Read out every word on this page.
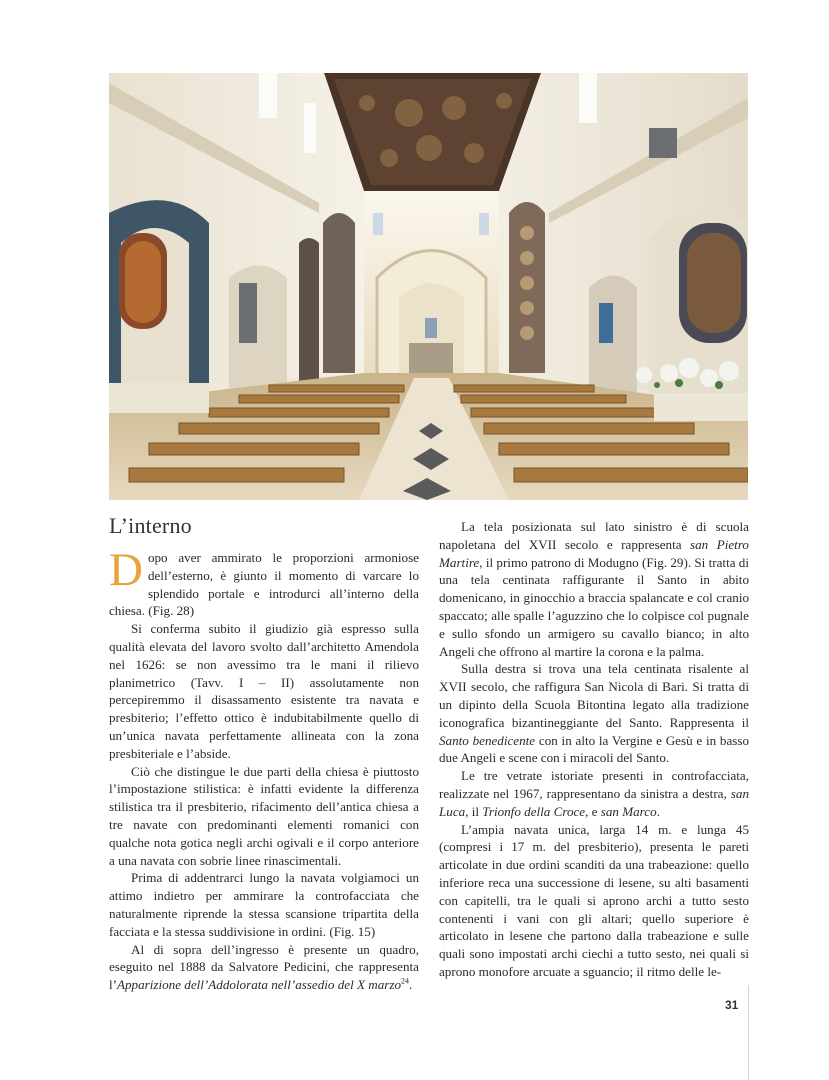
L’interno

Dopo aver ammirato le proporzioni armoniose dell’esterno, è giunto il momento di varcare lo splendido portale e introdurci all’interno della chiesa. (Fig. 28)

Si conferma subito il giudizio già espresso sulla qualità elevata del lavoro svolto dall’architetto Amendola nel 1626: se non avessimo tra le mani il rilievo planimetrico (Tavv. I – II) assolutamente non percepiremmo il disassamento esistente tra navata e presbiterio; l’effetto ottico è indubitabilmente quello di un’unica navata perfettamente allineata con la zona presbiteriale e l’abside.

Ciò che distingue le due parti della chiesa è piuttosto l’impostazione stilistica: è infatti evidente la differenza stilistica tra il presbiterio, rifacimento dell’antica chiesa a tre navate con predominanti elementi romanici con qualche nota gotica negli archi ogivali e il corpo anteriore a una navata con sobrie linee rinascimentali.

Prima di addentrarci lungo la navata volgiamoci un attimo indietro per ammirare la controfacciata che naturalmente riprende la stessa scansione tripartita della facciata e la stessa suddivisione in ordini. (Fig. 15)

Al di sopra dell’ingresso è presente un quadro, eseguito nel 1888 da Salvatore Pedicini, che rappresenta l’Apparizione dell’Addolorata nell’assedio del X marzo$^{24}$.

La tela posizionata sul lato sinistro è di scuola napoletana del XVII secolo e rappresenta san Pietro Martire, il primo patrono di Modugno (Fig. 29). Si tratta di una tela centinata raffigurante il Santo in abito domenicano, in ginocchio a braccia spalancate e col cranio spaccato; alle spalle l’aguzzino che lo colpisce col pugnale e sullo sfondo un armigero su cavallo bianco; in alto Angeli che offrono al martire la corona e la palma.

Sulla destra si trova una tela centinata risalente al XVII secolo, che raffigura San Nicola di Bari. Si tratta di un dipinto della Scuola Bitontina legato alla tradizione iconografica bizantineggiante del Santo. Rappresenta il Santo benedicente con in alto la Vergine e Gesù e in basso due Angeli e scene con i miracoli del Santo.

Le tre vetrate istoriate presenti in controfacciata, realizzate nel 1967, rappresentano da sinistra a destra, san Luca, il Trionfo della Croce, e san Marco.

L’ampia navata unica, larga 14 m. e lunga 45 (compresi i 17 m. del presbiterio), presenta le pareti articolate in due ordini scanditi da una trabeazione: quello inferiore reca una successione di lesene, su alti basamenti con capitelli, tra le quali si aprono archi a tutto sesto contenenti i vani con gli altari; quello superiore è articolato in lesene che partono dalla trabeazione e sulle quali sono impostati archi ciechi a tutto sesto, nei quali si aprono monofore arcuate a sguancio; il ritmo delle le-

31
